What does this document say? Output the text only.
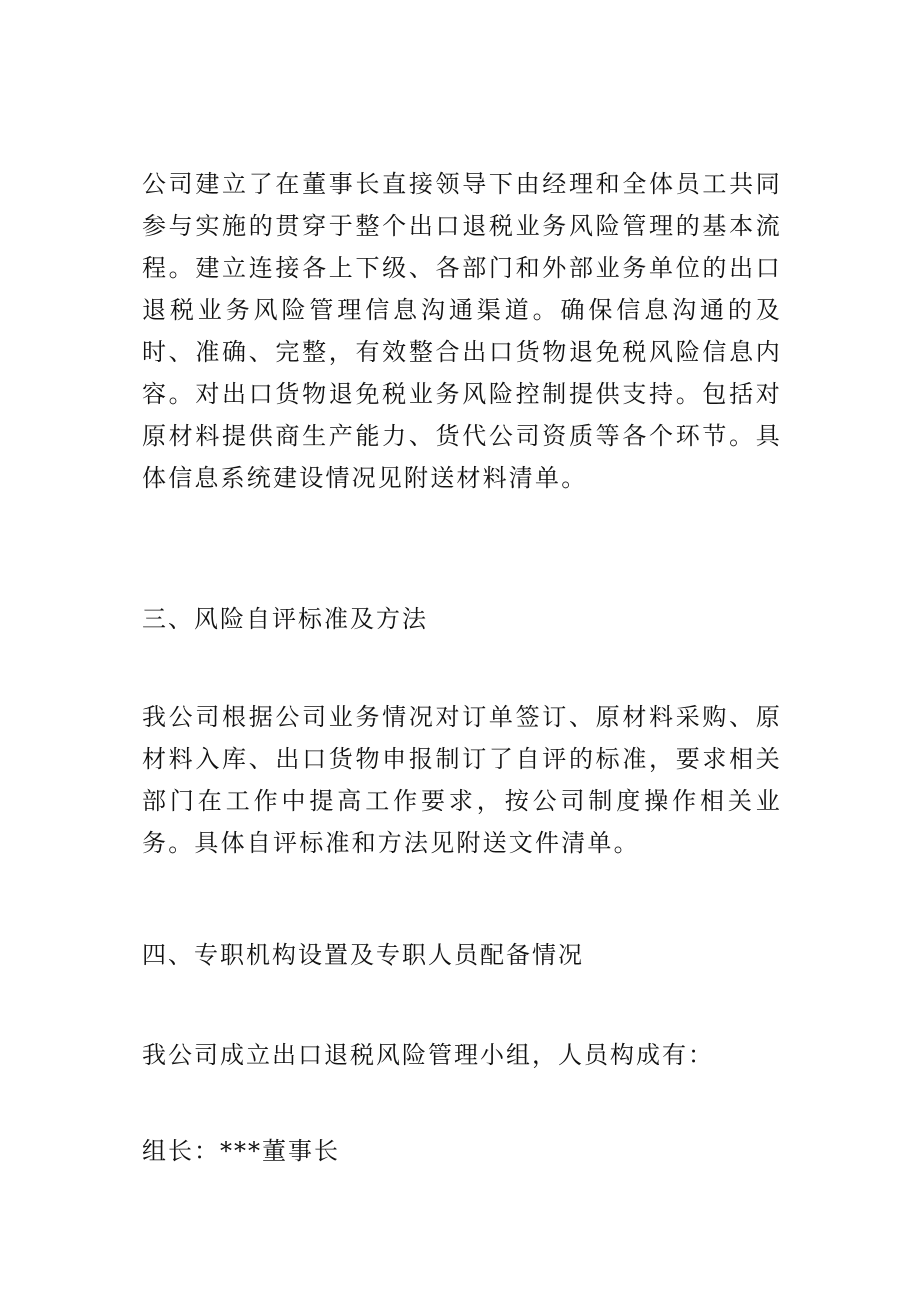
公司建立了在董事长直接领导下由经理和全体员工共同参与实施的贯穿于整个出口退税业务风险管理的基本流程。建立连接各上下级、各部门和外部业务单位的出口退税业务风险管理信息沟通渠道。确保信息沟通的及时、准确、完整，有效整合出口货物退免税风险信息内容。对出口货物退免税业务风险控制提供支持。包括对原材料提供商生产能力、货代公司资质等各个环节。具体信息系统建设情况见附送材料清单。

三、风险自评标准及方法

我公司根据公司业务情况对订单签订、原材料采购、原材料入库、出口货物申报制订了自评的标准，要求相关部门在工作中提高工作要求，按公司制度操作相关业务。具体自评标准和方法见附送文件清单。

四、专职机构设置及专职人员配备情况

我公司成立出口退税风险管理小组，人员构成有：

组长：***董事长
